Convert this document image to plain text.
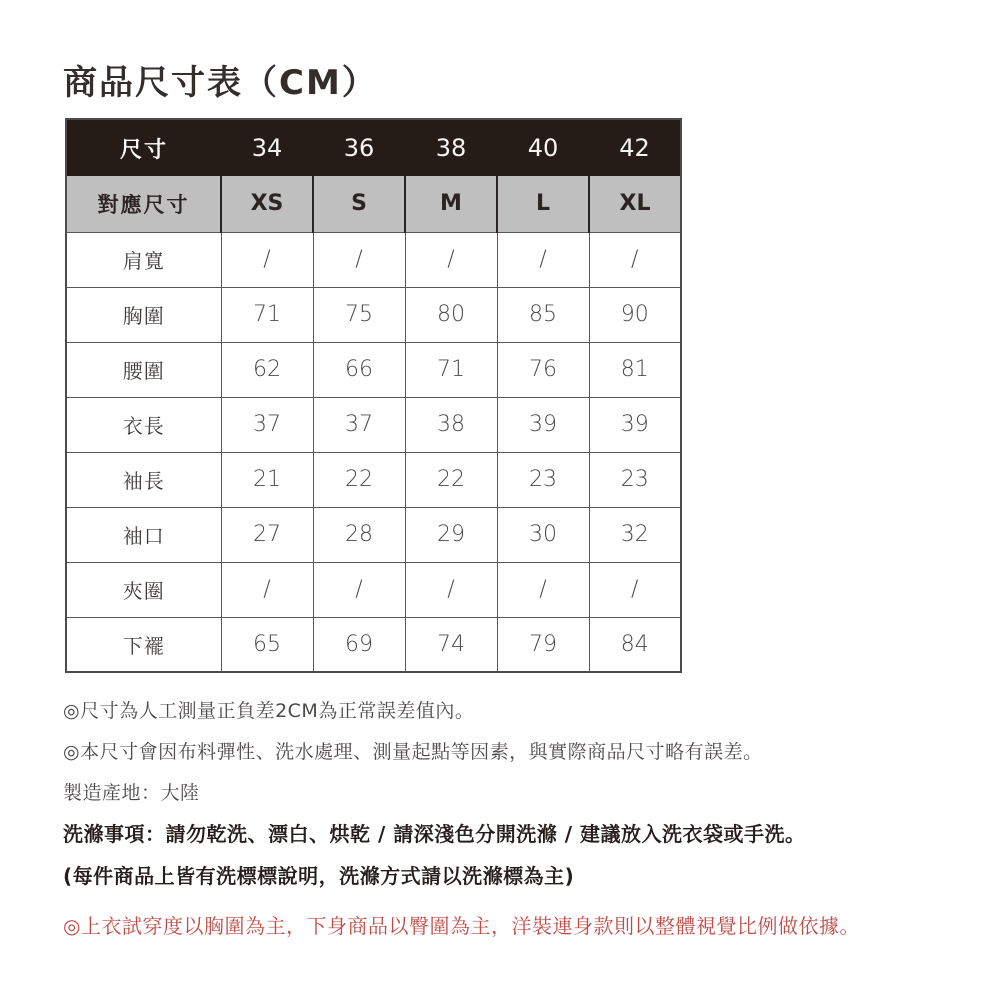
商品尺寸表（CM）
尺寸	34	36	38	40	42
對應尺寸	XS	S	M	L	XL
肩寬	/	/	/	/	/
胸圍	71	75	80	85	90
腰圍	62	66	71	76	81
衣長	37	37	38	39	39
袖長	21	22	22	23	23
袖口	27	28	29	30	32
夾圈	/	/	/	/	/
下襬	65	69	74	79	84

◎尺寸為人工測量正負差2CM為正常誤差值內。

◎本尺寸會因布料彈性、洗水處理、測量起點等因素，與實際商品尺寸略有誤差。

製造產地：大陸

洗滌事項：請勿乾洗、漂白、烘乾 / 請深淺色分開洗滌 / 建議放入洗衣袋或手洗。

(每件商品上皆有洗標標說明，洗滌方式請以洗滌標為主)

◎上衣試穿度以胸圍為主，下身商品以臀圍為主，洋裝連身款則以整體視覺比例做依據。
